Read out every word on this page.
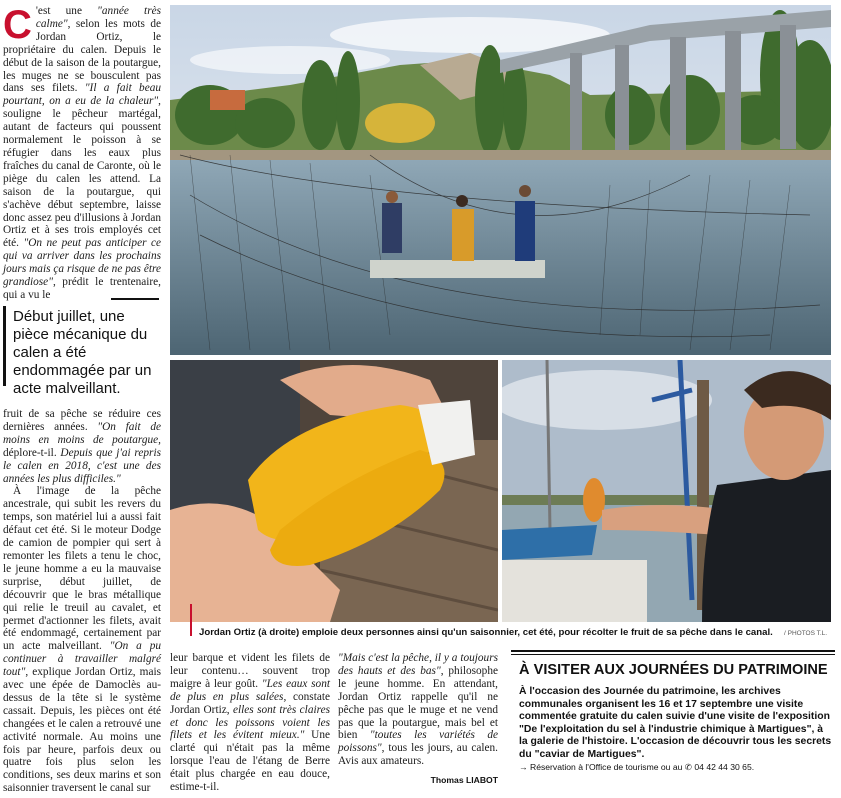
C 'est une "année très calme", selon les mots de Jordan Ortiz, le propriétaire du calen. Depuis le début de la saison de la poutargue, les muges ne se bousculent pas dans ses filets. "Il a fait beau pourtant, on a eu de la chaleur", souligne le pêcheur martégal, autant de facteurs qui poussent normalement le poisson à se réfugier dans les eaux plus fraîches du canal de Caronte, où le piège du calen les attend. La saison de la poutargue, qui s'achève début septembre, laisse donc assez peu d'illusions à Jordan Ortiz et à ses trois employés cet été. "On ne peut pas anticiper ce qui va arriver dans les prochains jours mais ça risque de ne pas être grandiose", prédit le trentenaire, qui a vu le
Début juillet, une pièce mécanique du calen a été endommagée par un acte malveillant.
fruit de sa pêche se réduire ces dernières années. "On fait de moins en moins de poutargue, déplore-t-il. Depuis que j'ai repris le calen en 2018, c'est une des années les plus difficiles."
À l'image de la pêche ancestrale, qui subit les revers du temps, son matériel lui a aussi fait défaut cet été. Si le moteur Dodge de camion de pompier qui sert à remonter les filets a tenu le choc, le jeune homme a eu la mauvaise surprise, début juillet, de découvrir que le bras métallique qui relie le treuil au cavalet, et permet d'actionner les filets, avait été endommagé, certainement par un acte malveillant. "On a pu continuer à travailler malgré tout", explique Jordan Ortiz, mais avec une épée de Damoclès au-dessus de la tête si le système cassait. Depuis, les pièces ont été changées et le calen a retrouvé une activité normale. Au moins une fois par heure, parfois deux ou quatre fois plus selon les conditions, ses deux marins et son saisonnier traversent le canal sur
Jordan Ortiz (à droite) emploie deux personnes ainsi qu'un saisonnier, cet été, pour récolter le fruit de sa pêche dans le canal.	/ PHOTOS T.L.
leur barque et vident les filets de leur contenu… souvent trop maigre à leur goût. "Les eaux sont de plus en plus salées, constate Jordan Ortiz, elles sont très claires et donc les poissons voient les filets et les évitent mieux." Une clarté qui n'était pas la même lorsque l'eau de l'étang de Berre était plus chargée en eau douce, estime-t-il.
"Mais c'est la pêche, il y a toujours des hauts et des bas", philosophe le jeune homme. En attendant, Jordan Ortiz rappelle qu'il ne pêche pas que le muge et ne vend pas que la poutargue, mais bel et bien "toutes les variétés de poissons", tous les jours, au calen. Avis aux amateurs.
Thomas LIABOT
À VISITER AUX JOURNÉES DU PATRIMOINE
À l'occasion des Journée du patrimoine, les archives communales organisent les 16 et 17 septembre une visite commentée gratuite du calen suivie d'une visite de l'exposition "De l'exploitation du sel à l'industrie chimique à Martigues", à la galerie de l'histoire. L'occasion de découvrir tous les secrets du "caviar de Martigues".
→ Réservation à l'Office de tourisme ou au ✆ 04 42 44 30 65.
